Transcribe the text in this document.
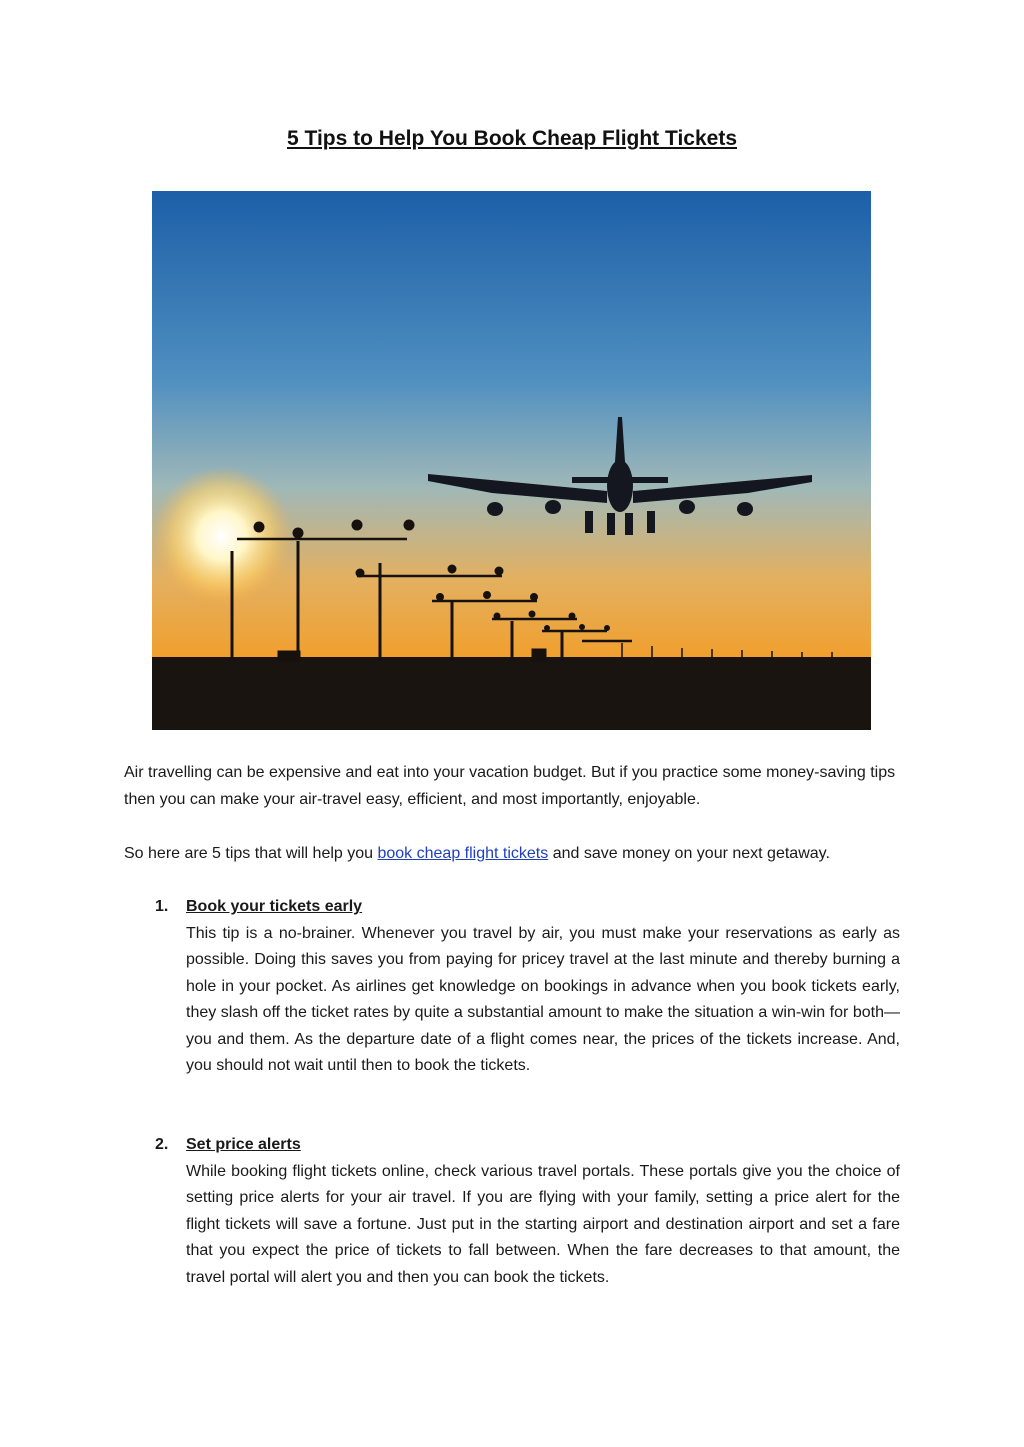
5 Tips to Help You Book Cheap Flight Tickets

Air travelling can be expensive and eat into your vacation budget. But if you practice some money-saving tips then you can make your air-travel easy, efficient, and most importantly, enjoyable.

So here are 5 tips that will help you book cheap flight tickets and save money on your next getaway.

1. Book your tickets early

This tip is a no-brainer. Whenever you travel by air, you must make your reservations as early as possible. Doing this saves you from paying for pricey travel at the last minute and thereby burning a hole in your pocket. As airlines get knowledge on bookings in advance when you book tickets early, they slash off the ticket rates by quite a substantial amount to make the situation a win-win for both—you and them. As the departure date of a flight comes near, the prices of the tickets increase. And, you should not wait until then to book the tickets.

2. Set price alerts

While booking flight tickets online, check various travel portals. These portals give you the choice of setting price alerts for your air travel. If you are flying with your family, setting a price alert for the flight tickets will save a fortune. Just put in the starting airport and destination airport and set a fare that you expect the price of tickets to fall between. When the fare decreases to that amount, the travel portal will alert you and then you can book the tickets.
